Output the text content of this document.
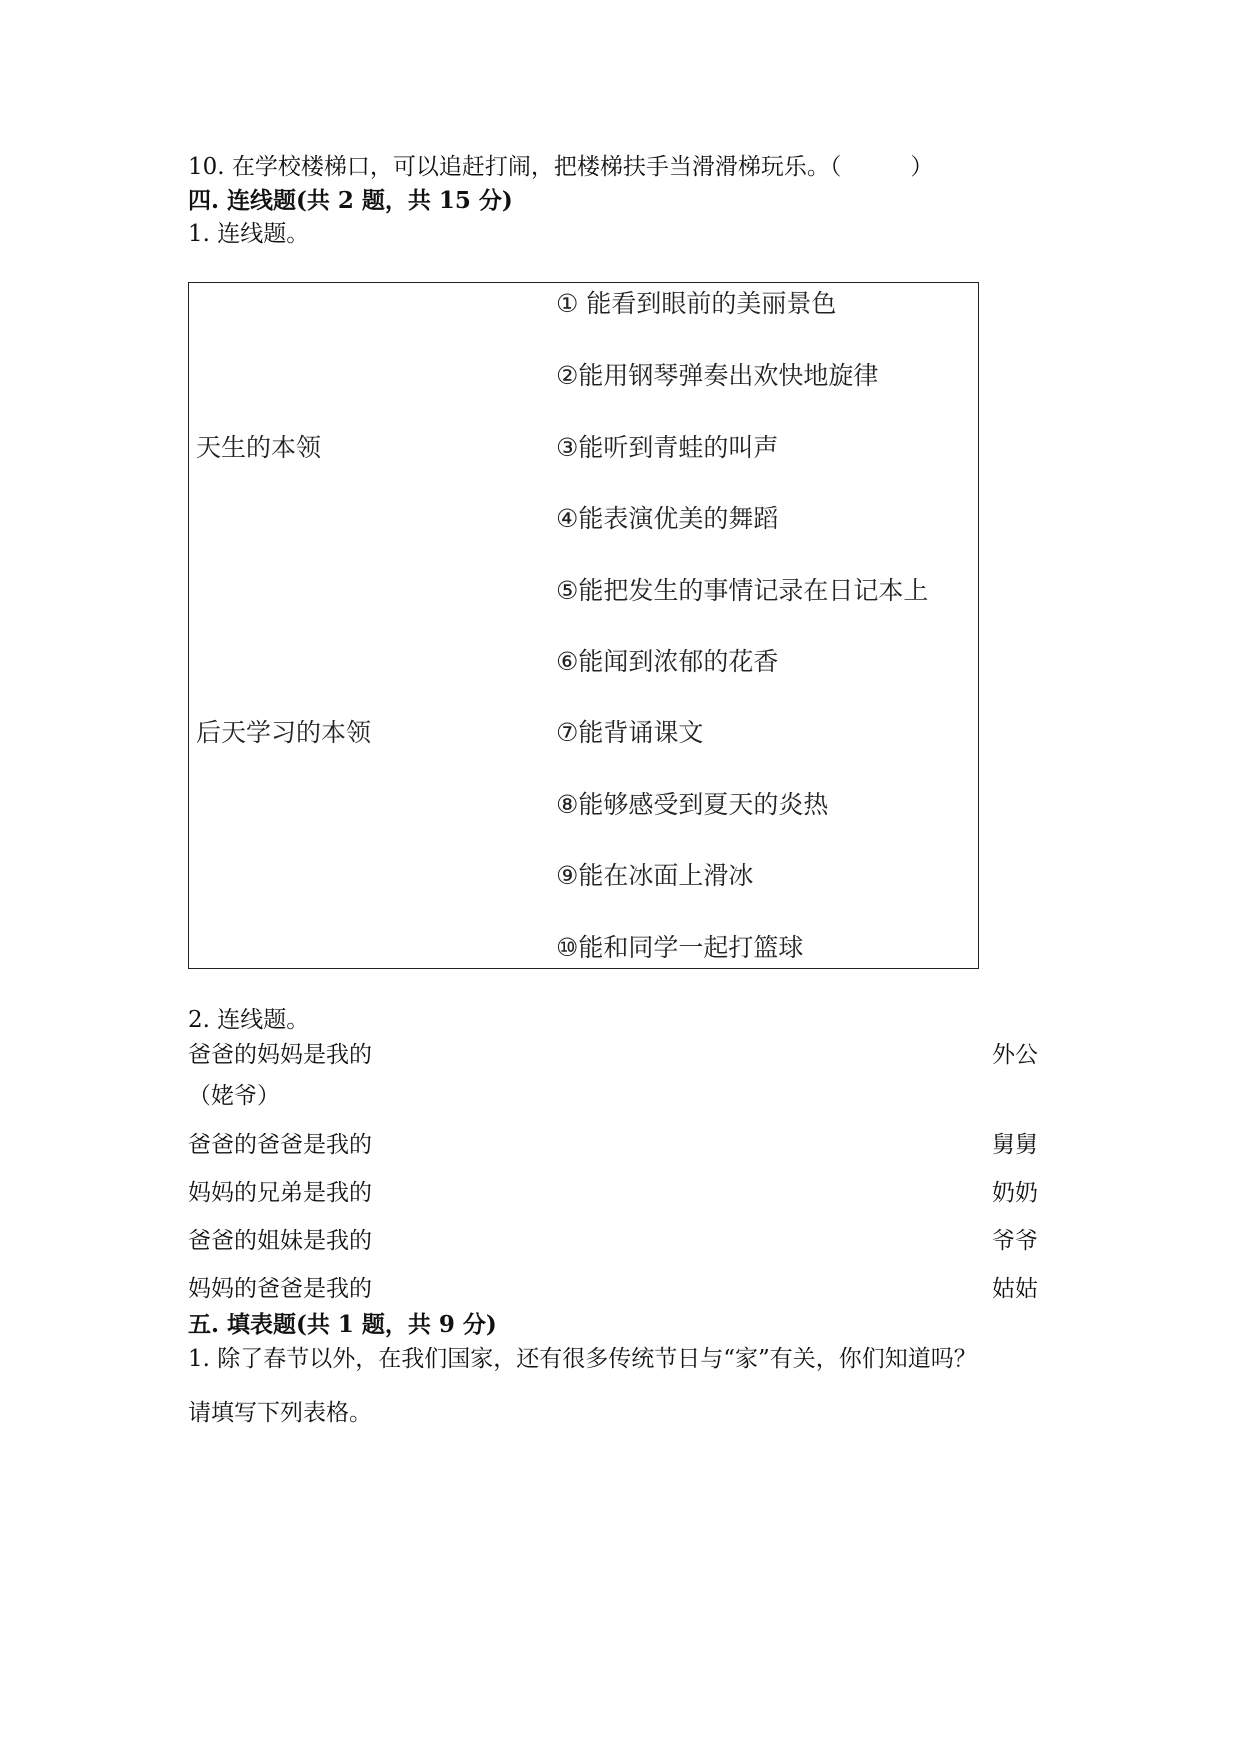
10. 在学校楼梯口，可以追赶打闹，把楼梯扶手当滑滑梯玩乐。（　　　）
四. 连线题(共 2 题，共 15 分)
1. 连线题。
天生的本领
后天学习的本领
① 能看到眼前的美丽景色
②能用钢琴弹奏出欢快地旋律
③能听到青蛙的叫声
④能表演优美的舞蹈
⑤能把发生的事情记录在日记本上
⑥能闻到浓郁的花香
⑦能背诵课文
⑧能够感受到夏天的炎热
⑨能在冰面上滑冰
⑩能和同学一起打篮球
2. 连线题。
爸爸的妈妈是我的
（姥爷）
爸爸的爸爸是我的
妈妈的兄弟是我的
爸爸的姐妹是我的
妈妈的爸爸是我的
外公
舅舅
奶奶
爷爷
姑姑
五. 填表题(共 1 题，共 9 分)
1. 除了春节以外，在我们国家，还有很多传统节日与“家”有关，你们知道吗？
请填写下列表格。
